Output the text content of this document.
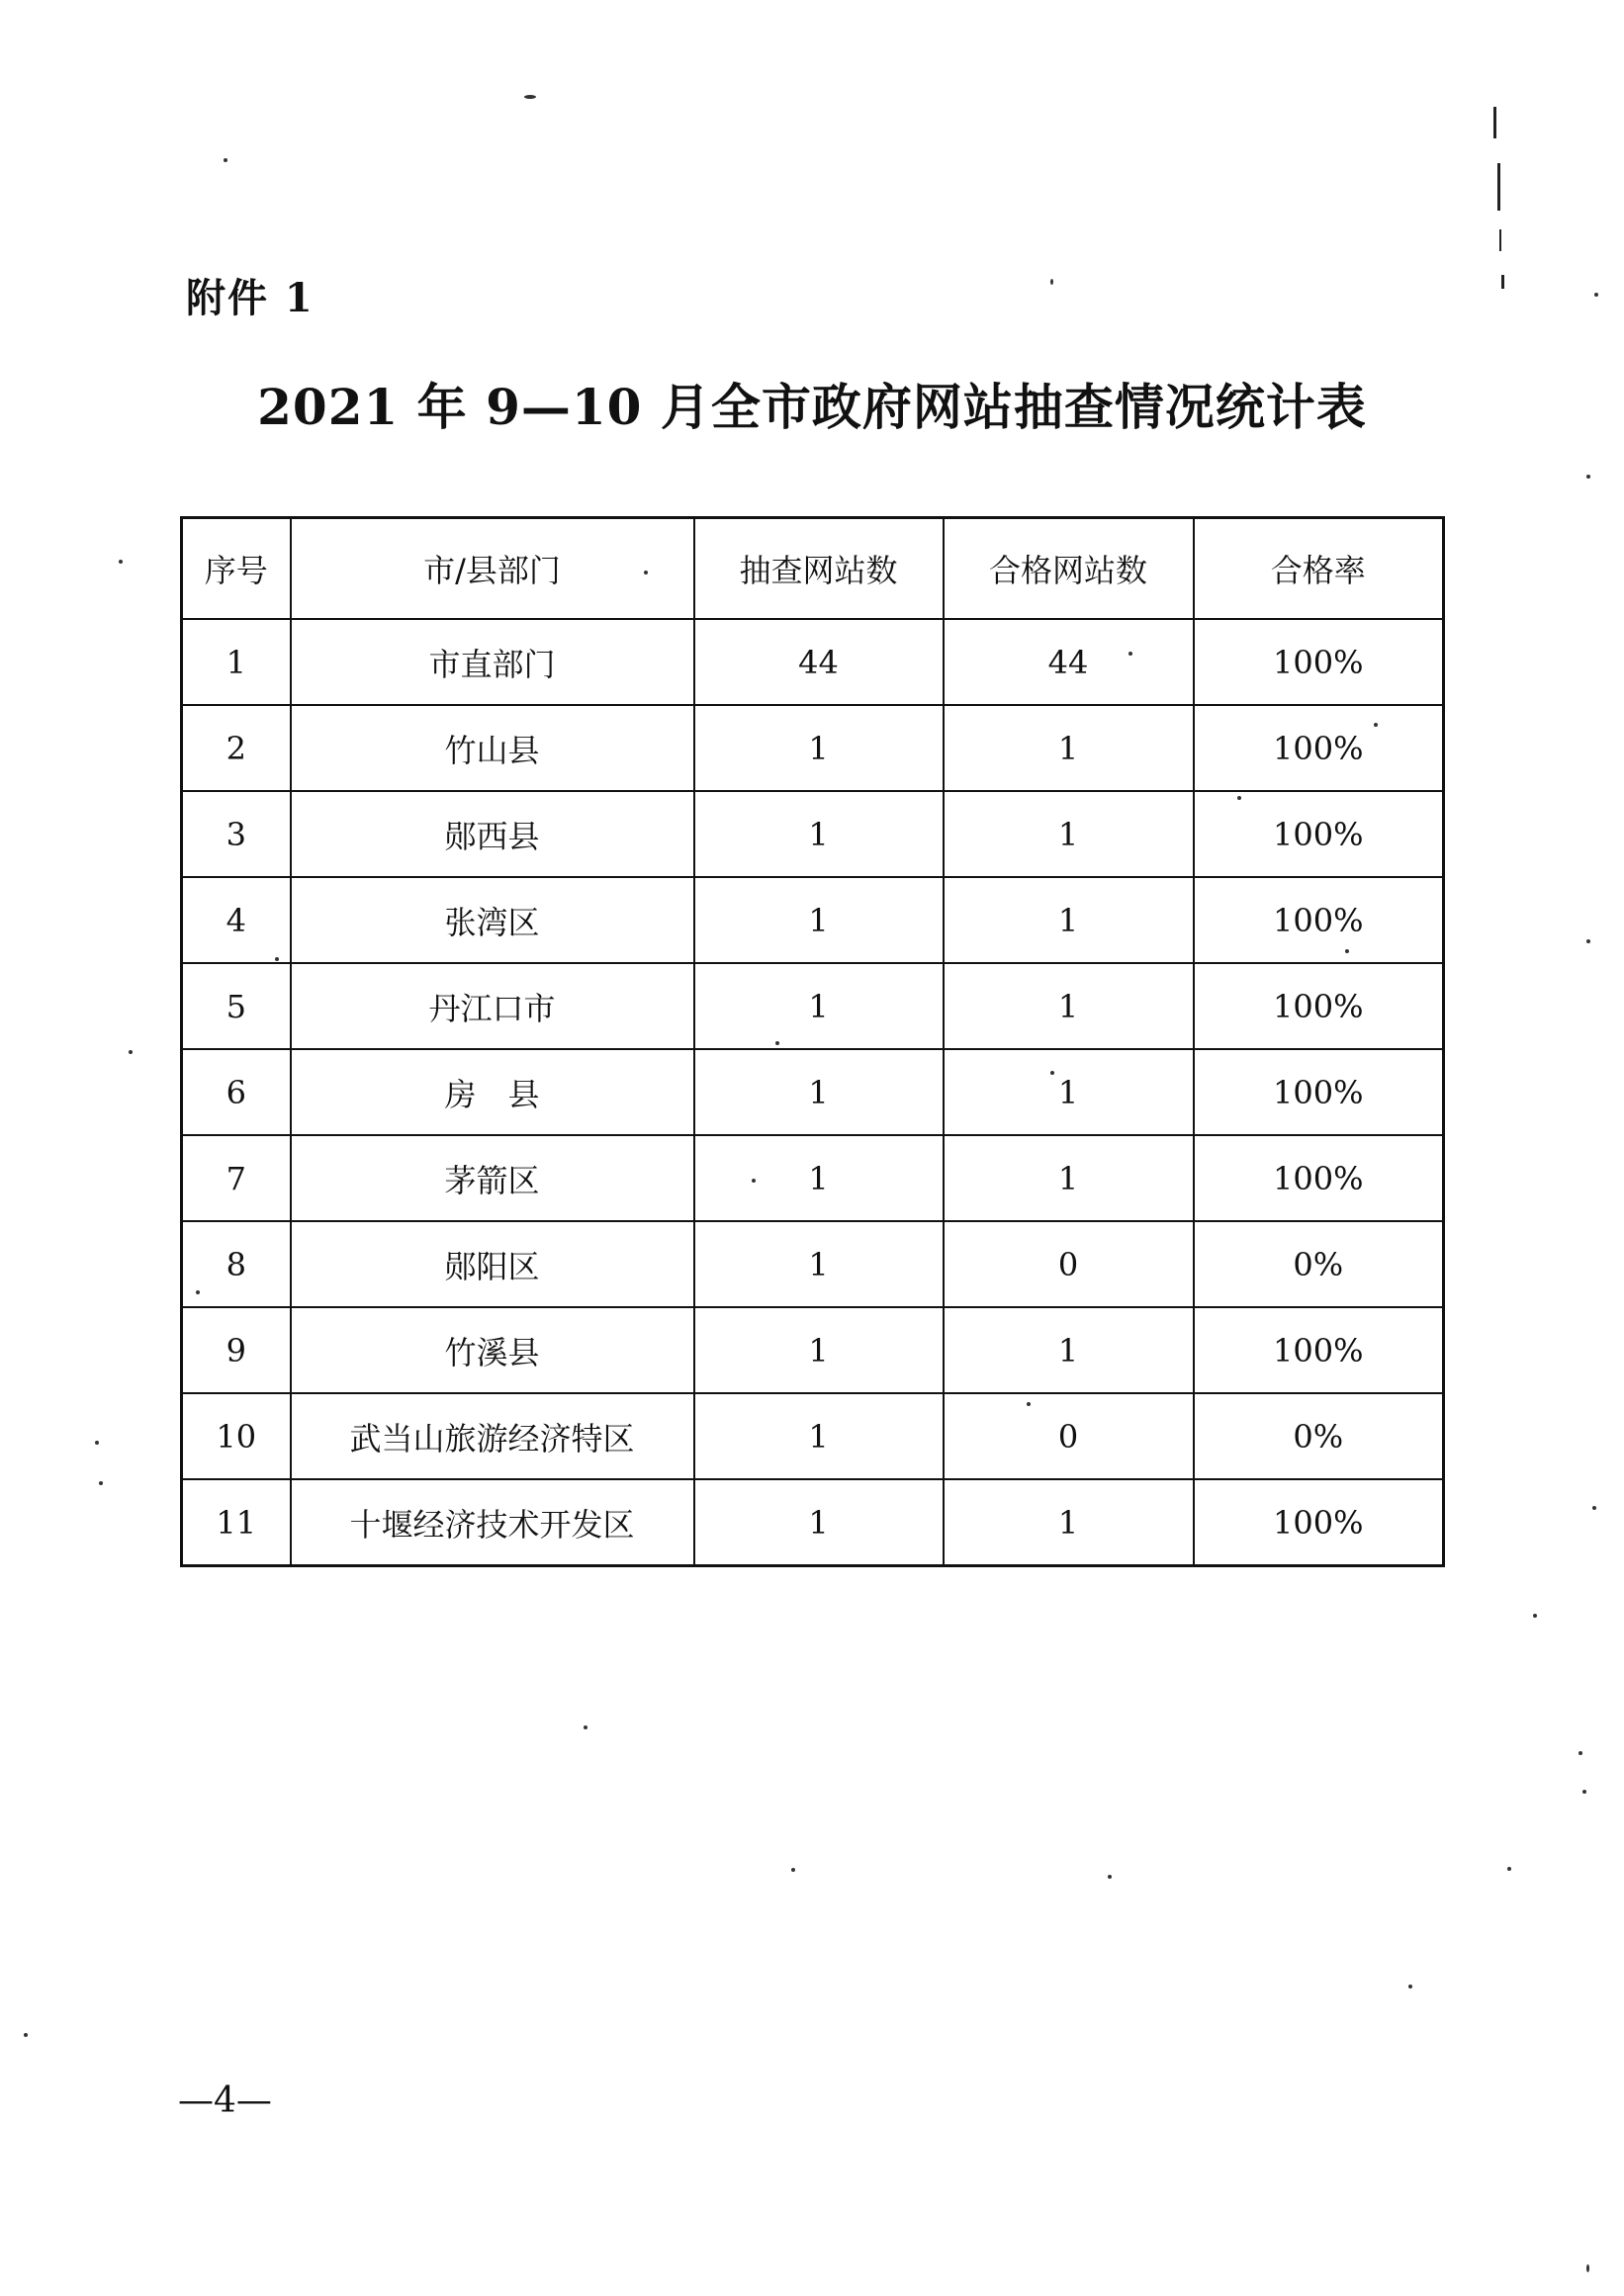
附件 1
2021 年 9—10 月全市政府网站抽查情况统计表
序号	市/县部门	抽查网站数	合格网站数	合格率
1	市直部门	44	44	100%
2	竹山县	1	1	100%
3	郧西县	1	1	100%
4	张湾区	1	1	100%
5	丹江口市	1	1	100%
6	房　县	1	1	100%
7	茅箭区	1	1	100%
8	郧阳区	1	0	0%
9	竹溪县	1	1	100%
10	武当山旅游经济特区	1	0	0%
11	十堰经济技术开发区	1	1	100%
—4—
